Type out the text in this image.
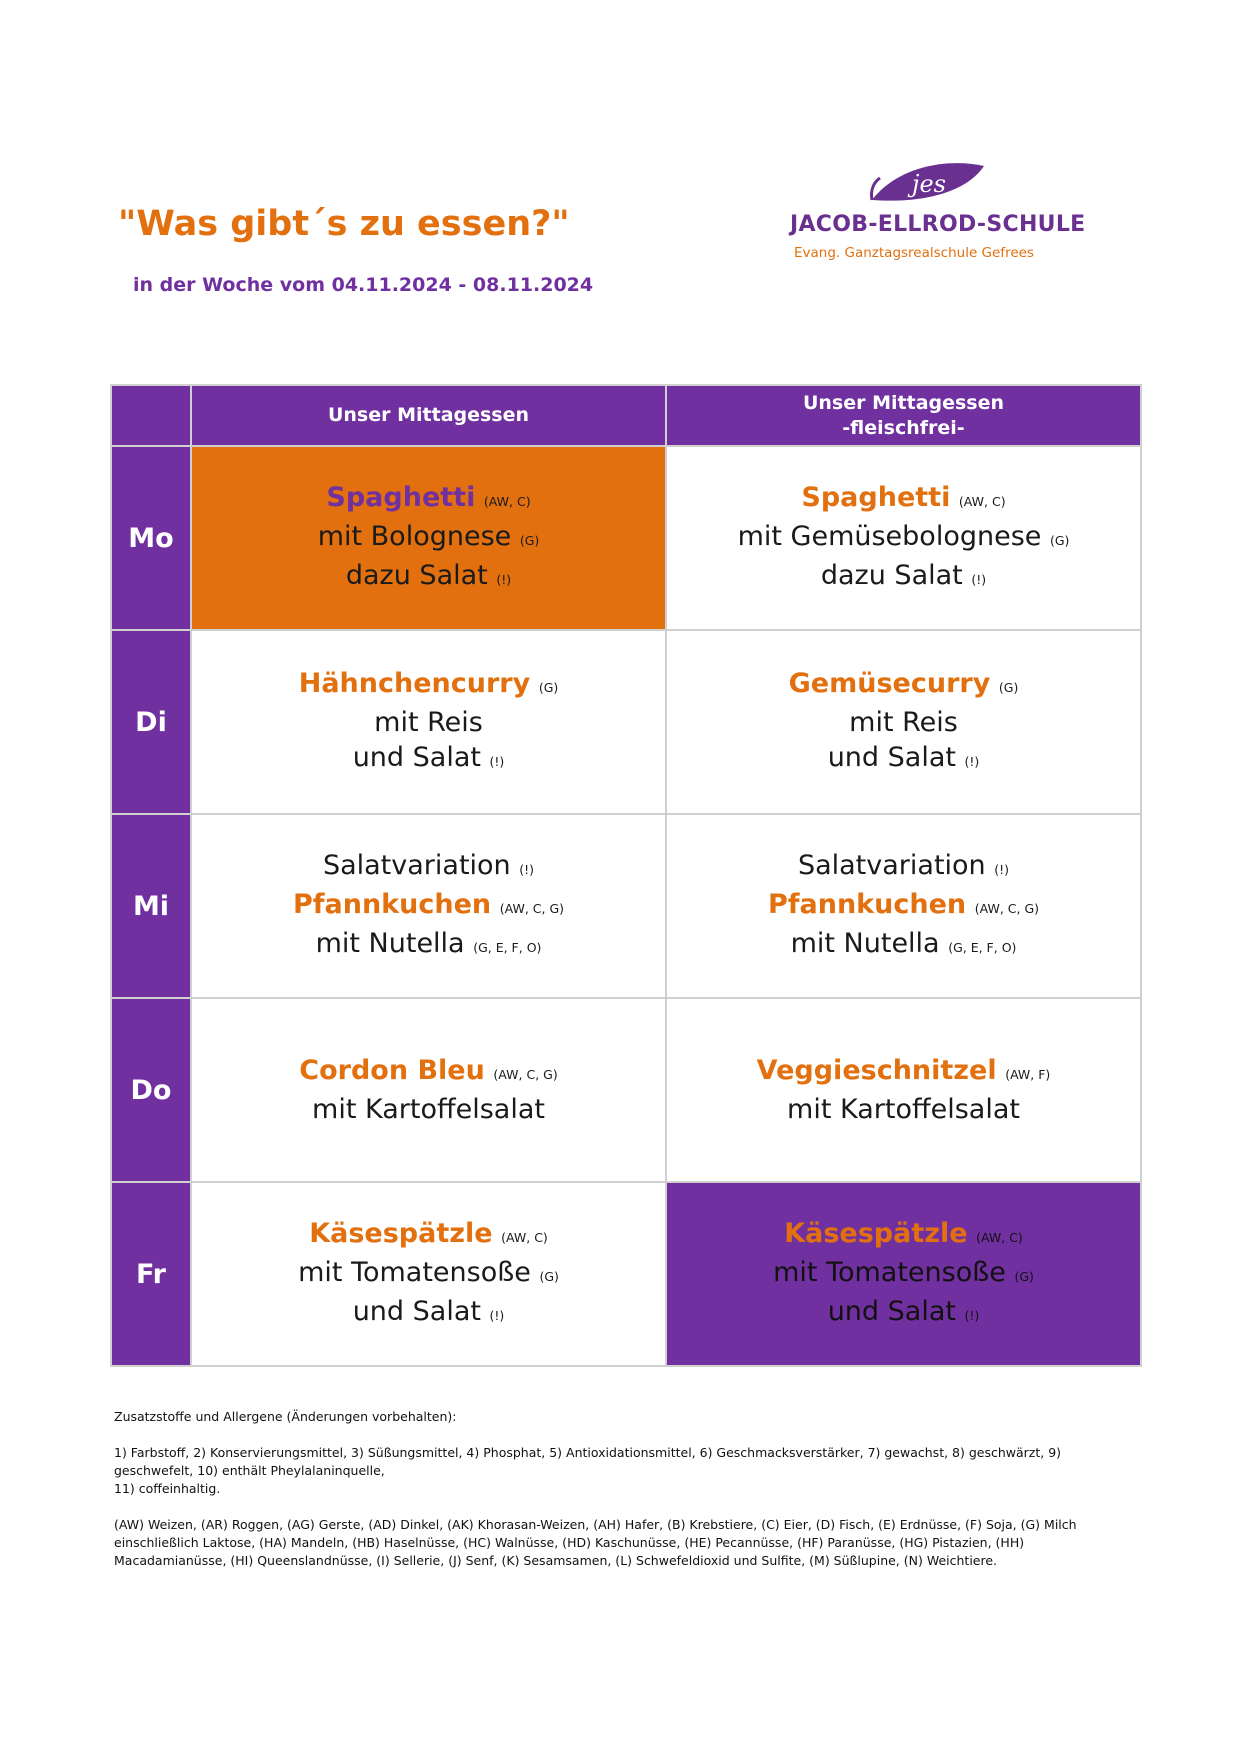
"Was gibt´s zu essen?"
in der Woche vom 04.11.2024 - 08.11.2024
jes
JACOB-ELLROD-SCHULE
Evang. Ganztagsrealschule Gefrees
	Unser Mittagessen	Unser Mittagessen
-fleischfrei-

Mo	Spaghetti (AW, C)
mit Bolognese (G)
dazu Salat (!)	Spaghetti (AW, C)
mit Gemüsebolognese (G)
dazu Salat (!)

Di	Hähnchencurry (G)
mit Reis
und Salat (!)	Gemüsecurry (G)
mit Reis
und Salat (!)

Mi	Salatvariation (!)
Pfannkuchen (AW, C, G)
mit Nutella (G, E, F, O)	Salatvariation (!)
Pfannkuchen (AW, C, G)
mit Nutella (G, E, F, O)

Do	Cordon Bleu (AW, C, G)
mit Kartoffelsalat	Veggieschnitzel (AW, F)
mit Kartoffelsalat

Fr	Käsespätzle (AW, C)
mit Tomatensoße (G)
und Salat (!)	Käsespätzle (AW, C)
mit Tomatensoße (G)
und Salat (!)

Zusatzstoffe und Allergene (Änderungen vorbehalten):

1) Farbstoff, 2) Konservierungsmittel, 3) Süßungsmittel, 4) Phosphat, 5) Antioxidationsmittel, 6) Geschmacksverstärker, 7) gewachst, 8) geschwärzt, 9) geschwefelt, 10) enthält Pheylalaninquelle,
11) coffeinhaltig.

(AW) Weizen, (AR) Roggen, (AG) Gerste, (AD) Dinkel, (AK) Khorasan-Weizen, (AH) Hafer, (B) Krebstiere, (C) Eier, (D) Fisch, (E) Erdnüsse, (F) Soja, (G) Milch einschließlich Laktose, (HA) Mandeln, (HB) Haselnüsse, (HC) Walnüsse, (HD) Kaschunüsse, (HE) Pecannüsse, (HF) Paranüsse, (HG) Pistazien, (HH) Macadamianüsse, (HI) Queenslandnüsse, (I) Sellerie, (J) Senf, (K) Sesamsamen, (L) Schwefeldioxid und Sulfite, (M) Süßlupine, (N) Weichtiere.
